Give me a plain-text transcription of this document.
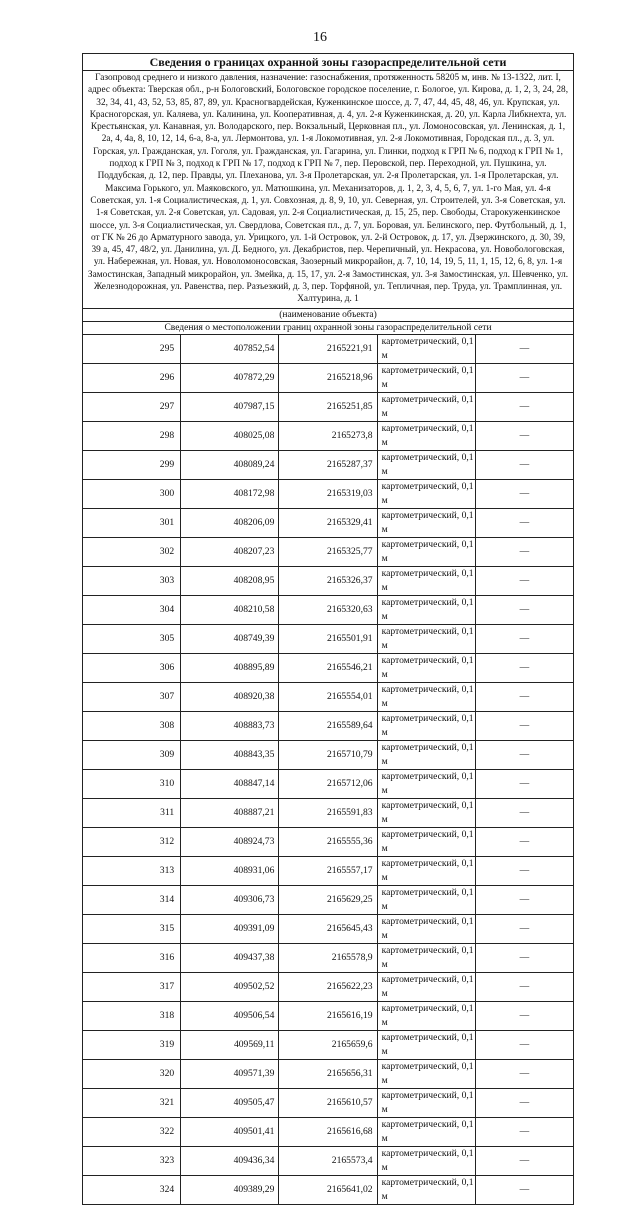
16
Сведения о границах охранной зоны газораспределительной сети				
Газопровод среднего и низкого давления, назначение: газоснабжения, протяженность 58205 м, инв. № 13-1322, лит. I, адрес объекта: Тверская обл., р-н Бологовский, Бологовское городское поселение, г. Бологое, ул. Кирова, д. 1, 2, 3, 24, 28, 32, 34, 41, 43, 52, 53, 85, 87, 89, ул. Красногвардейская, Куженкинское шоссе, д. 7, 47, 44, 45, 48, 46, ул. Крупская, ул. Красногорская, ул. Каляева, ул. Калинина, ул. Кооперативная, д. 4, ул. 2-я Куженкинская, д. 20, ул. Карла Либкнехта, ул. Крестьянская, ул. Канавная, ул. Володарского, пер. Вокзальный, Церковная пл., ул. Ломоносовская, ул. Ленинская, д. 1, 2а, 4, 4а, 8, 10, 12, 14, 6-а, 8-а, ул. Лермонтова, ул. 1-я Локомотивная, ул. 2-я Локомотивная, Городская пл., д. 3, ул. Горская, ул. Гражданская, ул. Гоголя, ул. Гражданская, ул. Гагарина, ул. Глинки, подход к ГРП № 6, подход к ГРП № 1, подход к ГРП № 3, подход к ГРП № 17, подход к ГРП № 7, пер. Перовской, пер. Переходной, ул. Пушкина, ул. Поддубская, д. 12, пер. Правды, ул. Плеханова, ул. 3-я Пролетарская, ул. 2-я Пролетарская, ул. 1-я Пролетарская, ул. Максима Горького, ул. Маяковского, ул. Матюшкина, ул. Механизаторов, д. 1, 2, 3, 4, 5, 6, 7, ул. 1-го Мая, ул. 4-я Советская, ул. 1-я Социалистическая, д. 1, ул. Совхозная, д. 8, 9, 10, ул. Северная, ул. Строителей, ул. 3-я Советская, ул. 1-я Советская, ул. 2-я Советская, ул. Садовая, ул. 2-я Социалистическая, д. 15, 25, пер. Свободы, Старокуженкинское шоссе, ул. 3-я Социалистическая, ул. Свердлова, Советская пл., д. 7, ул. Боровая, ул. Белинского, пер. Футбольный, д. 1, от ГК № 26 до Арматурного завода, ул. Урицкого, ул. 1-й Островок, ул. 2-й Островок, д. 17, ул. Дзержинского, д. 30, 39, 39 а, 45, 47, 48/2, ул. Данилина, ул. Д. Бедного, ул. Декабристов, пер. Черепичный, ул. Некрасова, ул. Новобологовская, ул. Набережная, ул. Новая, ул. Новоломоносовская, Заозерный микрорайон, д. 7, 10, 14, 19, 5, 11, 1, 15, 12, 6, 8, ул. 1-я Замостинская, Западный микрорайон, ул. Змейка, д. 15, 17, ул. 2-я Замостинская, ул. 3-я Замостинская, ул. Шевченко, ул. Железнодорожная, ул. Равенства, пер. Разъезжий, д. 3, пер. Торфяной, ул. Тепличная, пер. Труда, ул. Трамплинная, ул. Халтурина, д. 1				
(наименование объекта)				
Сведения о местоположении границ охранной зоны газораспределительной сети				
295	407852,54	2165221,91	картометрический, 0,1 м	—
296	407872,29	2165218,96	картометрический, 0,1 м	—
297	407987,15	2165251,85	картометрический, 0,1 м	—
298	408025,08	2165273,8	картометрический, 0,1 м	—
299	408089,24	2165287,37	картометрический, 0,1 м	—
300	408172,98	2165319,03	картометрический, 0,1 м	—
301	408206,09	2165329,41	картометрический, 0,1 м	—
302	408207,23	2165325,77	картометрический, 0,1 м	—
303	408208,95	2165326,37	картометрический, 0,1 м	—
304	408210,58	2165320,63	картометрический, 0,1 м	—
305	408749,39	2165501,91	картометрический, 0,1 м	—
306	408895,89	2165546,21	картометрический, 0,1 м	—
307	408920,38	2165554,01	картометрический, 0,1 м	—
308	408883,73	2165589,64	картометрический, 0,1 м	—
309	408843,35	2165710,79	картометрический, 0,1 м	—
310	408847,14	2165712,06	картометрический, 0,1 м	—
311	408887,21	2165591,83	картометрический, 0,1 м	—
312	408924,73	2165555,36	картометрический, 0,1 м	—
313	408931,06	2165557,17	картометрический, 0,1 м	—
314	409306,73	2165629,25	картометрический, 0,1 м	—
315	409391,09	2165645,43	картометрический, 0,1 м	—
316	409437,38	2165578,9	картометрический, 0,1 м	—
317	409502,52	2165622,23	картометрический, 0,1 м	—
318	409506,54	2165616,19	картометрический, 0,1 м	—
319	409569,11	2165659,6	картометрический, 0,1 м	—
320	409571,39	2165656,31	картометрический, 0,1 м	—
321	409505,47	2165610,57	картометрический, 0,1 м	—
322	409501,41	2165616,68	картометрический, 0,1 м	—
323	409436,34	2165573,4	картометрический, 0,1 м	—
324	409389,29	2165641,02	картометрический, 0,1 м	—
